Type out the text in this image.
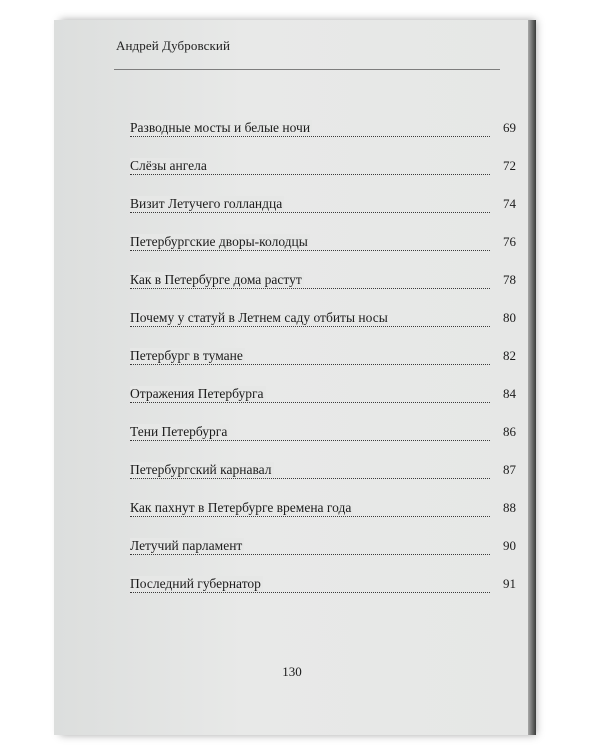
Андрей Дубровский
Разводные мосты и белые ночи	69
Слёзы ангела	72
Визит Летучего голландца	74
Петербургские дворы-колодцы	76
Как в Петербурге дома растут	78
Почему у статуй в Летнем саду отбиты носы	80
Петербург в тумане	82
Отражения Петербурга	84
Тени Петербурга	86
Петербургский карнавал	87
Как пахнут в Петербурге времена года	88
Летучий парламент	90
Последний губернатор	91
130
